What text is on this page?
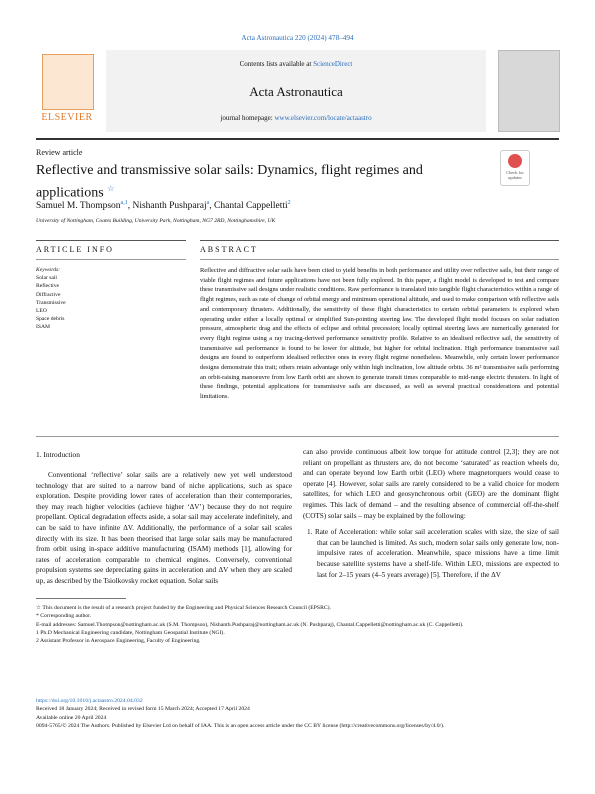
Acta Astronautica 220 (2024) 478–494
ELSEVIER
Contents lists available at ScienceDirect
Acta Astronautica
journal homepage: www.elsevier.com/locate/actaastro
Review article
Reflective and transmissive solar sails: Dynamics, flight regimes and applications ☆
Check for updates
Samuel M. Thompson$^{a,1}$, Nishanth Pushparaj$^a$, Chantal Cappelletti$^2$
University of Nottingham, Coates Building, University Park, Nottingham, NG7 2RD, Nottinghamshire, UK
ARTICLE INFO	ABSTRACT
Keywords:
Solar sail
Reflective
Diffractive
Transmissive
LEO
Space debris
ISAM
Reflective and diffractive solar sails have been cited to yield benefits in both performance and utility over reflective sails, but their range of viable flight regimes and future applications have not been fully explored. In this paper, a flight model is developed to test and compare these transmissive sail designs under realistic conditions. Raw performance is translated into tangible flight characteristics within a range of flight regimes, such as rate of change of orbital energy and minimum operational altitude, and used to make comparison with reflective sails and contemporary thrusters. Additionally, the sensitivity of these flight characteristics to certain orbital parameters is explored when operating under either a locally optimal or simplified Sun-pointing steering law. The developed flight model focuses on solar radiation pressure, atmospheric drag and the effects of eclipse and orbital precession; locally optimal steering laws are numerically generated for every flight regime using a ray tracing-derived performance sensitivity profile. Relative to an idealised reflective sail, the sensitivity of transmissive sail performance is found to be lower for altitude, but higher for orbital inclination. High performance transmissive sail designs are found to outperform idealised reflective ones in every flight regime nonetheless. Meanwhile, only certain lower performance designs demonstrate this trait; others retain advantage only within high inclination, low altitude orbits. 36 m² transmissive sails performing an orbit-raising manoeuvre from low Earth orbit are shown to generate transit times comparable to mid-range electric thrusters. In light of these findings, potential applications for transmissive sails are discussed, as well as several practical considerations and potential limitations.
1. Introduction
Conventional ‘reflective’ solar sails are a relatively new yet well understood technology that are suited to a narrow band of niche applications, such as space exploration. Despite providing lower rates of acceleration than their contemporaries, they may reach higher velocities (achieve higher ‘ΔV’) because they do not require propellant. Optical degradation effects aside, a solar sail may accelerate indefinitely, and can be said to have infinite ΔV. Additionally, the performance of a solar sail scales directly with its size. It has been theorised that large solar sails may be manufactured from orbit using in-space additive manufacturing (ISAM) methods [1], allowing for rates of acceleration comparable to chemical engines. Conversely, conventional propulsion systems see depreciating gains in acceleration and ΔV when they are scaled up, as described by the Tsiolkovsky rocket equation. Solar sails
can also provide continuous albeit low torque for attitude control [2,3]; they are not reliant on propellant as thrusters are, do not become ‘saturated’ as reaction wheels do, and can operate beyond low Earth orbit (LEO) where magnetorquers would cease to operate [4]. However, solar sails are rarely considered to be a valid choice for modern satellites, for which LEO and geosynchronous orbit (GEO) are the dominant flight regimes. This lack of demand – and the resulting absence of commercial off-the-shelf (COTS) solar sails – may be explained by the following:
1. Rate of Acceleration: while solar sail acceleration scales with size, the size of sail that can be launched is limited. As such, modern solar sails only generate low, non-impulsive rates of acceleration. Meanwhile, space missions have a time limit because satellite systems have a shelf-life. Within LEO, missions are expected to last for 2–15 years (4–5 years average) [5]. Therefore, if the ΔV
☆ This document is the result of a research project funded by the Engineering and Physical Sciences Research Council (EPSRC).
* Corresponding author.
E-mail addresses: Samuel.Thompson@nottingham.ac.uk (S.M. Thompson), Nishanth.Pushparaj@nottingham.ac.uk (N. Pushparaj), Chantal.Cappelletti@nottingham.ac.uk (C. Cappelletti).
1 Ph.D Mechanical Engineering candidate, Nottingham Geospatial Institute (NGI).
2 Assistant Professor in Aerospace Engineering, Faculty of Engineering.
https://doi.org/10.1016/j.actaastro.2024.04.032
Received 18 January 2024; Received in revised form 15 March 2024; Accepted 17 April 2024
Available online 20 April 2024
0094-5765/© 2024 The Authors. Published by Elsevier Ltd on behalf of IAA. This is an open access article under the CC BY license (http://creativecommons.org/licenses/by/4.0/).
